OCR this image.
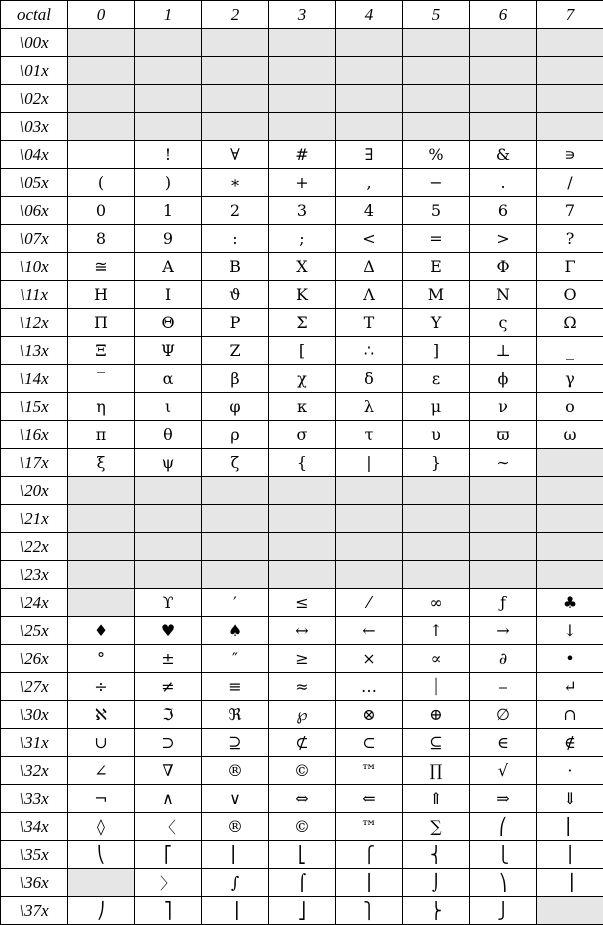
octal	0	1	2	3	4	5	6	7
\00x								
\01x								
\02x								
\03x								
\04x		!	∀	#	∃	%	&	∍
\05x	(	)	∗	+	,	−	.	/
\06x	0	1	2	3	4	5	6	7
\07x	8	9	:	;	<	=	>	?
\10x	≅	Α	Β	Χ	Δ	Ε	Φ	Γ
\11x	Η	Ι	ϑ	Κ	Λ	Μ	Ν	Ο
\12x	Π	Θ	Ρ	Σ	Τ	Υ	ς	Ω
\13x	Ξ	Ψ	Ζ	[	∴	]	⊥	_
\14x	‾	α	β	χ	δ	ε	ϕ	γ
\15x	η	ι	φ	κ	λ	μ	ν	ο
\16x	π	θ	ρ	σ	τ	υ	ϖ	ω
\17x	ξ	ψ	ζ	{	|	}	∼	
\20x								
\21x								
\22x								
\23x								
\24x		ϒ	′	≤	⁄	∞	ƒ	♣
\25x	♦	♥	♠	↔	←	↑	→	↓
\26x	°	±	″	≥	×	∝	∂	•
\27x	÷	≠	≡	≈	…	⏐	⎯	↵
\30x	ℵ	ℑ	ℜ	℘	⊗	⊕	∅	∩
\31x	∪	⊃	⊇	⊄	⊂	⊆	∈	∉
\32x	∠	∇	®	©	™	∏	√	⋅
\33x	¬	∧	∨	⇔	⇐	⇑	⇒	⇓
\34x	◊	〈	®	©	™	∑	⎛	⎜
\35x	⎝	⎡	⎢	⎣	⎧	⎨	⎩	⎪
\36x		〉	∫	⌠	⎮	⌡	⎞	⎟
\37x	⎠	⎤	⎥	⎦	⎫	⎬	⎭	
